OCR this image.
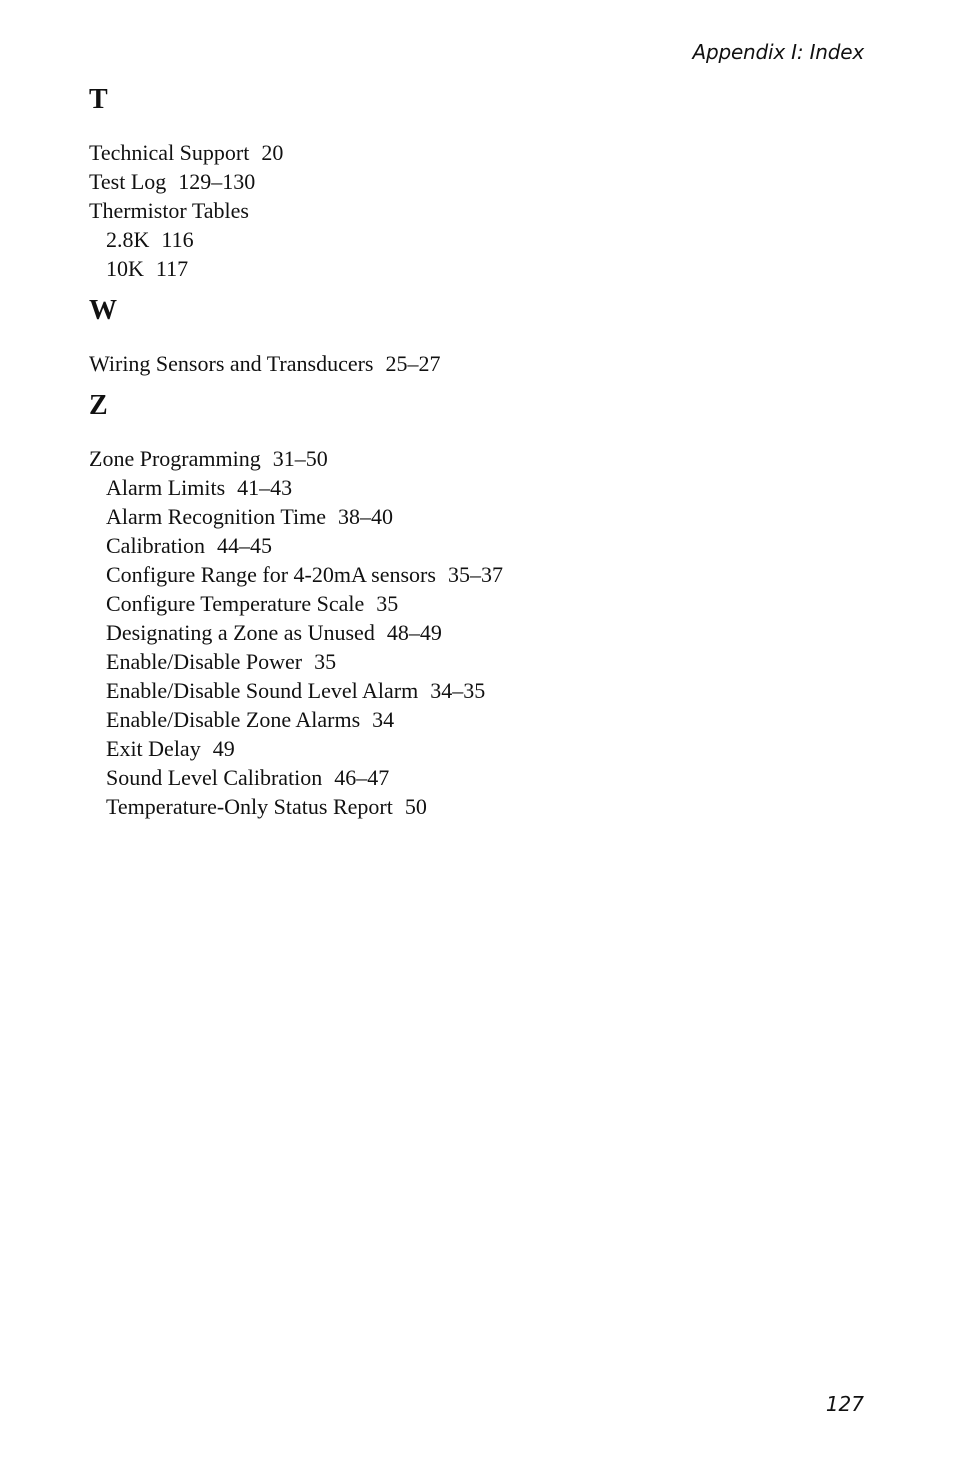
Appendix I: Index
T
Technical Support 20
Test Log 129–130
Thermistor Tables
2.8K 116
10K 117
W
Wiring Sensors and Transducers 25–27
Z
Zone Programming 31–50
Alarm Limits 41–43
Alarm Recognition Time 38–40
Calibration 44–45
Configure Range for 4-20mA sensors 35–37
Configure Temperature Scale 35
Designating a Zone as Unused 48–49
Enable/Disable Power 35
Enable/Disable Sound Level Alarm 34–35
Enable/Disable Zone Alarms 34
Exit Delay 49
Sound Level Calibration 46–47
Temperature-Only Status Report 50
127
